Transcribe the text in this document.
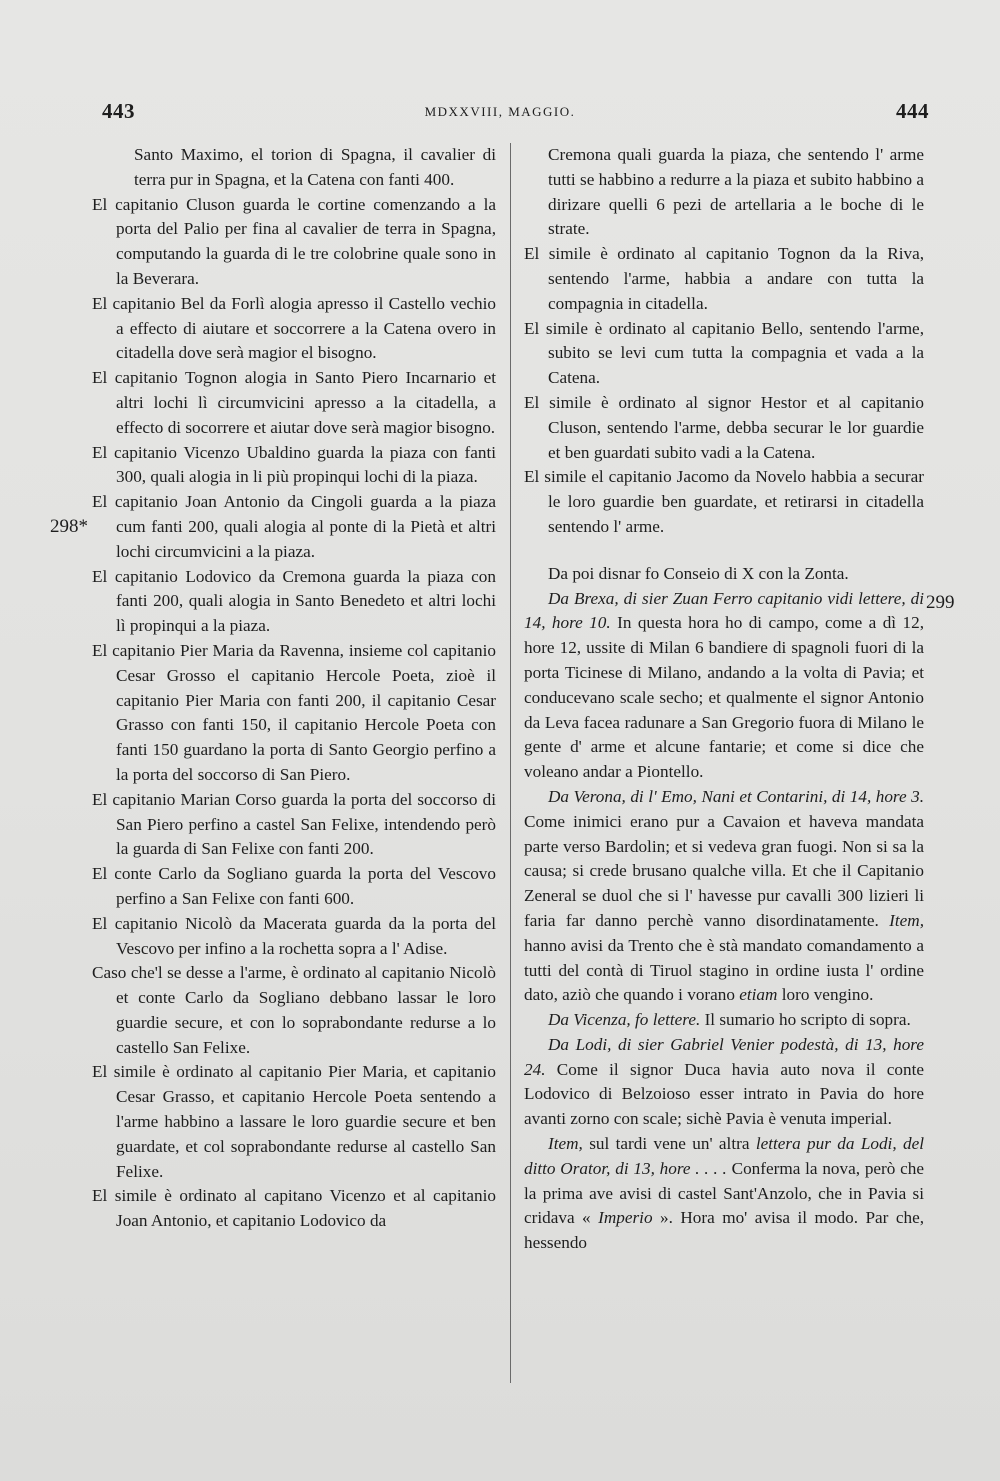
443	MDXXVIII, MAGGIO.	444
298*
299

Santo Maximo, el torion di Spagna, il cavalier di terra pur in Spagna, et la Catena con fanti 400.

El capitanio Cluson guarda le cortine comenzando a la porta del Palio per fina al cavalier de terra in Spagna, computando la guarda di le tre colobrine quale sono in la Beverara.

El capitanio Bel da Forlì alogia apresso il Castello vechio a effecto di aiutare et soccorrere a la Catena overo in citadella dove serà magior el bisogno.

El capitanio Tognon alogia in Santo Piero Incarnario et altri lochi lì circumvicini apresso a la citadella, a effecto di socorrere et aiutar dove serà magior bisogno.

El capitanio Vicenzo Ubaldino guarda la piaza con fanti 300, quali alogia in li più propinqui lochi di la piaza.

El capitanio Joan Antonio da Cingoli guarda a la piaza cum fanti 200, quali alogia al ponte di la Pietà et altri lochi circumvicini a la piaza.

El capitanio Lodovico da Cremona guarda la piaza con fanti 200, quali alogia in Santo Benedeto et altri lochi lì propinqui a la piaza.

El capitanio Pier Maria da Ravenna, insieme col capitanio Cesar Grosso el capitanio Hercole Poeta, zioè il capitanio Pier Maria con fanti 200, il capitanio Cesar Grasso con fanti 150, il capitanio Hercole Poeta con fanti 150 guardano la porta di Santo Georgio perfino a la porta del soccorso di San Piero.

El capitanio Marian Corso guarda la porta del soccorso di San Piero perfino a castel San Felixe, intendendo però la guarda di San Felixe con fanti 200.

El conte Carlo da Sogliano guarda la porta del Vescovo perfino a San Felixe con fanti 600.

El capitanio Nicolò da Macerata guarda da la porta del Vescovo per infino a la rochetta sopra a l' Adise.

Caso che'l se desse a l'arme, è ordinato al capitanio Nicolò et conte Carlo da Sogliano debbano lassar le loro guardie secure, et con lo soprabondante redurse a lo castello San Felixe.

El simile è ordinato al capitanio Pier Maria, et capitanio Cesar Grasso, et capitanio Hercole Poeta sentendo a l'arme habbino a lassare le loro guardie secure et ben guardate, et col soprabondante redurse al castello San Felixe.

El simile è ordinato al capitano Vicenzo et al capitanio Joan Antonio, et capitanio Lodovico da

Cremona quali guarda la piaza, che sentendo l' arme tutti se habbino a redurre a la piaza et subito habbino a dirizare quelli 6 pezi de artellaria a le boche di le strate.

El simile è ordinato al capitanio Tognon da la Riva, sentendo l'arme, habbia a andare con tutta la compagnia in citadella.

El simile è ordinato al capitanio Bello, sentendo l'arme, subito se levi cum tutta la compagnia et vada a la Catena.

El simile è ordinato al signor Hestor et al capitanio Cluson, sentendo l'arme, debba securar le lor guardie et ben guardati subito vadi a la Catena.

El simile el capitanio Jacomo da Novelo habbia a securar le loro guardie ben guardate, et retirarsi in citadella sentendo l' arme.

Da poi disnar fo Conseio di X con la Zonta.

Da Brexa, di sier Zuan Ferro capitanio vidi lettere, di 14, hore 10. In questa hora ho di campo, come a dì 12, hore 12, ussite di Milan 6 bandiere di spagnoli fuori di la porta Ticinese di Milano, andando a la volta di Pavia; et conducevano scale secho; et qualmente el signor Antonio da Leva facea radunare a San Gregorio fuora di Milano le gente d' arme et alcune fantarie; et come si dice che voleano andar a Piontello.

Da Verona, di l' Emo, Nani et Contarini, di 14, hore 3. Come inimici erano pur a Cavaion et haveva mandata parte verso Bardolin; et si vedeva gran fuogi. Non si sa la causa; si crede brusano qualche villa. Et che il Capitanio Zeneral se duol che si l' havesse pur cavalli 300 lizieri li faria far danno perchè vanno disordinatamente. Item, hanno avisi da Trento che è stà mandato comandamento a tutti del contà di Tiruol stagino in ordine iusta l' ordine dato, aziò che quando i vorano etiam loro vengino.

Da Vicenza, fo lettere. Il sumario ho scripto di sopra.

Da Lodi, di sier Gabriel Venier podestà, di 13, hore 24. Come il signor Duca havia auto nova il conte Lodovico di Belzoioso esser intrato in Pavia do hore avanti zorno con scale; sichè Pavia è venuta imperial.

Item, sul tardi vene un' altra lettera pur da Lodi, del ditto Orator, di 13, hore . . . . Conferma la nova, però che la prima ave avisi di castel Sant'Anzolo, che in Pavia si cridava « Imperio ». Hora mo' avisa il modo. Par che, hessendo
